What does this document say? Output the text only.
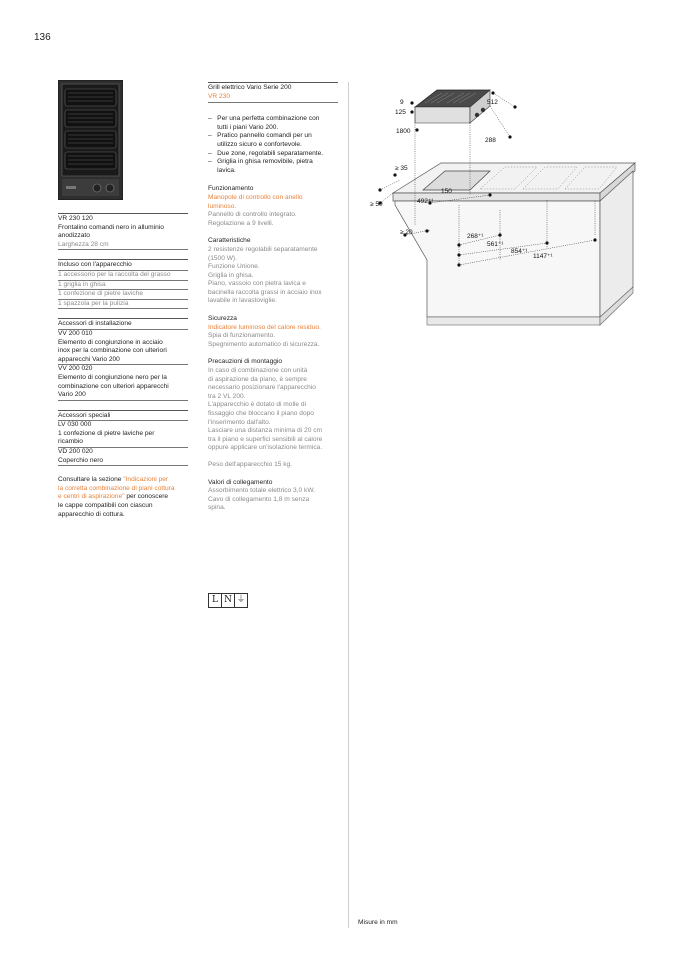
136
VR 230 120
Frontalino comandi nero in alluminio
anodizzato
Larghezza 28 cm
Incluso con l'apparecchio
1 accessorio per la raccolta del grasso
1 griglia in ghisa
1 confezione di pietre laviche
1 spazzola per la pulizia
Accessori di installazione
VV 200 010
Elemento di congiunzione in acciaio
inox per la combinazione con ulteriori
apparecchi Vario 200
VV 200 020
Elemento di congiunzione nero per la
combinazione con ulteriori apparecchi
Vario 200
Accessori speciali
LV 030 000
1 confezione di pietre laviche per
ricambio
VD 200 020
Coperchio nero
Consultare la sezione "Indicazioni per
la corretta combinazione di piani cottura
e centri di aspirazione" per conoscere
le cappe compatibili con ciascun
apparecchio di cottura.
Grill elettrico Vario Serie 200
VR 230
– Per una perfetta combinazione con
tutti i piani Vario 200.
– Pratico pannello comandi per un
utilizzo sicuro e confortevole.
– Due zone, regolabili separatamente.
– Griglia in ghisa removibile, pietra
lavica.
Funzionamento
Manopole di controllo con anello
luminoso.
Pannello di controllo integrato.
Regolazione a 9 livelli.
Caratteristiche
2 resistenze regolabili separatamente
(1500 W).
Funzione Unione.
Griglia in ghisa.
Piano, vassoio con pietra lavica e
bacinella raccolta grassi in acciaio inox
lavabile in lavastoviglie.
Sicurezza
Indicatore luminoso del calore residuo.
Spia di funzionamento.
Spegnimento automatico di sicurezza.
Precauzioni di montaggio
In caso di combinazione con unità
di aspirazione da piano, è sempre
necessario posizionare l'apparecchio
tra 2 VL 200.
L'apparecchio è dotato di molle di
fissaggio che bloccano il piano dopo
l'inserimento dall'alto.
Lasciare una distanza minima di 20 cm
tra il piano e superfici sensibili al calore
oppure applicare un'isolazione termica.
Peso dell'apparecchio 15 kg.
Valori di collegamento
Assorbimento totale elettrico 3,0 kW.
Cavo di collegamento 1,8 m senza
spina.
L N ⏚
9
125
512
1800
288
≥ 35
≥ 50
150
492⁺¹
≥ 20
268⁺¹
561⁺¹
854⁺¹
1147⁺¹
Misure in mm
